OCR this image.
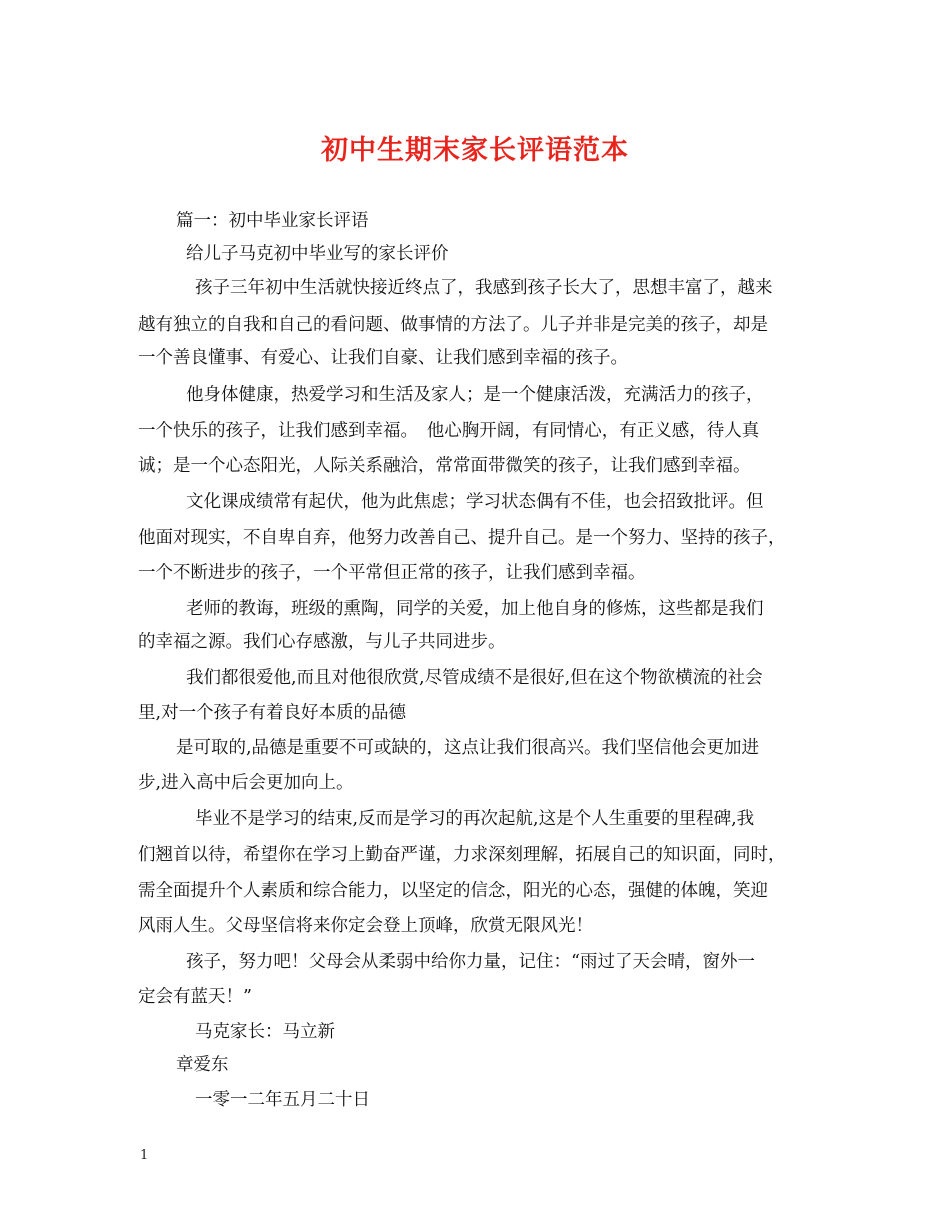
初中生期末家长评语范本
篇一：初中毕业家长评语
给儿子马克初中毕业写的家长评价
孩子三年初中生活就快接近终点了，我感到孩子长大了，思想丰富了，越来
越有独立的自我和自己的看问题、做事情的方法了。儿子并非是完美的孩子，却是
一个善良懂事、有爱心、让我们自豪、让我们感到幸福的孩子。
他身体健康，热爱学习和生活及家人；是一个健康活泼，充满活力的孩子，
一个快乐的孩子，让我们感到幸福。　他心胸开阔，有同情心，有正义感，待人真
诚；是一个心态阳光，人际关系融洽，常常面带微笑的孩子，让我们感到幸福。
文化课成绩常有起伏，他为此焦虑；学习状态偶有不佳，也会招致批评。但
他面对现实，不自卑自弃，他努力改善自己、提升自己。是一个努力、坚持的孩子，
一个不断进步的孩子，一个平常但正常的孩子，让我们感到幸福。
老师的教诲，班级的熏陶，同学的关爱，加上他自身的修炼，这些都是我们
的幸福之源。我们心存感激，与儿子共同进步。
我们都很爱他,而且对他很欣赏,尽管成绩不是很好,但在这个物欲横流的社会
里,对一个孩子有着良好本质的品德
是可取的,品德是重要不可或缺的，这点让我们很高兴。我们坚信他会更加进
步,进入高中后会更加向上。
毕业不是学习的结束,反而是学习的再次起航,这是个人生重要的里程碑,我
们翘首以待，希望你在学习上勤奋严谨，力求深刻理解，拓展自己的知识面，同时，
需全面提升个人素质和综合能力，以坚定的信念，阳光的心态，强健的体魄，笑迎
风雨人生。父母坚信将来你定会登上顶峰，欣赏无限风光！
孩子，努力吧！父母会从柔弱中给你力量，记住：“雨过了天会晴，窗外一
定会有蓝天！”
马克家长：马立新
章爱东
一零一二年五月二十日
1
